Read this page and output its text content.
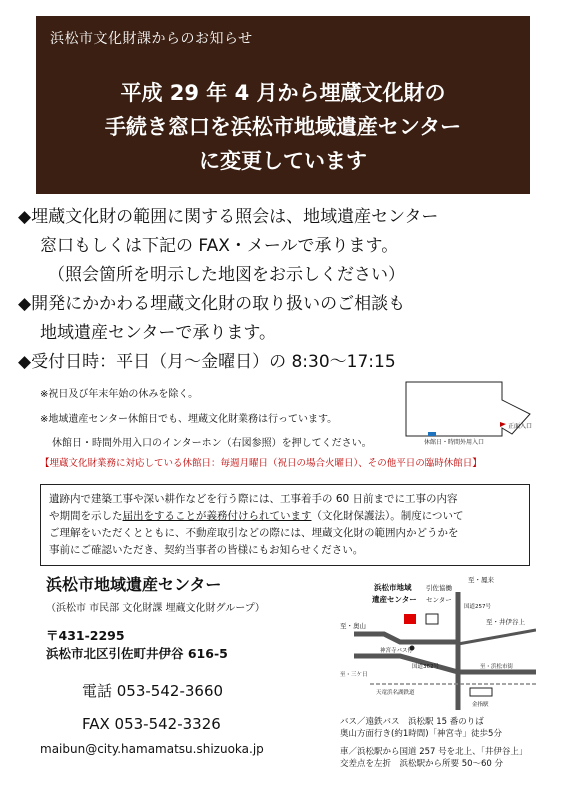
浜松市文化財課からのお知らせ
平成 29 年 4 月から埋蔵文化財の
手続き窓口を浜松市地域遺産センター
に変更しています
◆埋蔵文化財の範囲に関する照会は、地域遺産センター
窓口もしくは下記の FAX・メールで承ります。
（照会箇所を明示した地図をお示しください）
◆開発にかかわる埋蔵文化財の取り扱いのご相談も
地域遺産センターで承ります。
◆受付日時：平日（月～金曜日）の 8:30～17:15
※祝日及び年末年始の休みを除く。
※地域遺産センター休館日でも、埋蔵文化財業務は行っています。
休館日・時間外用入口のインターホン（右図参照）を押してください。
正面入口
休館日・時間外用入口
【埋蔵文化財業務に対応している休館日：毎週月曜日（祝日の場合火曜日）、その他平日の臨時休館日】
遺跡内で建築工事や深い耕作などを行う際には、工事着手の 60 日前までに工事の内容
や期間を示した届出をすることが義務付けられています（文化財保護法）。制度について
ご理解をいただくとともに、不動産取引などの際には、埋蔵文化財の範囲内かどうかを
事前にご確認いただき、契約当事者の皆様にもお知らせください。
浜松市地域遺産センター
（浜松市 市民部 文化財課 埋蔵文化財グループ）
〒431-2295
浜松市北区引佐町井伊谷 616-5
電話 053-542-3660
FAX 053-542-3326
maibun@city.hamamatsu.shizuoka.jp
至・鳳来
浜松市地域
遺産センター
引佐協働
センター
国道257号
至・奥山	至・井伊谷上
神宮寺バス停
国道362号	至・浜松市街
至・三ケ日
天竜浜名湖鉄道
金指駅
バス／遠鉄バス　浜松駅 15 番のりば
奥山方面行き(約1時間)「神宮寺」徒歩5分
車／浜松駅から国道 257 号を北上、「井伊谷上」
交差点を左折　浜松駅から所要 50～60 分
